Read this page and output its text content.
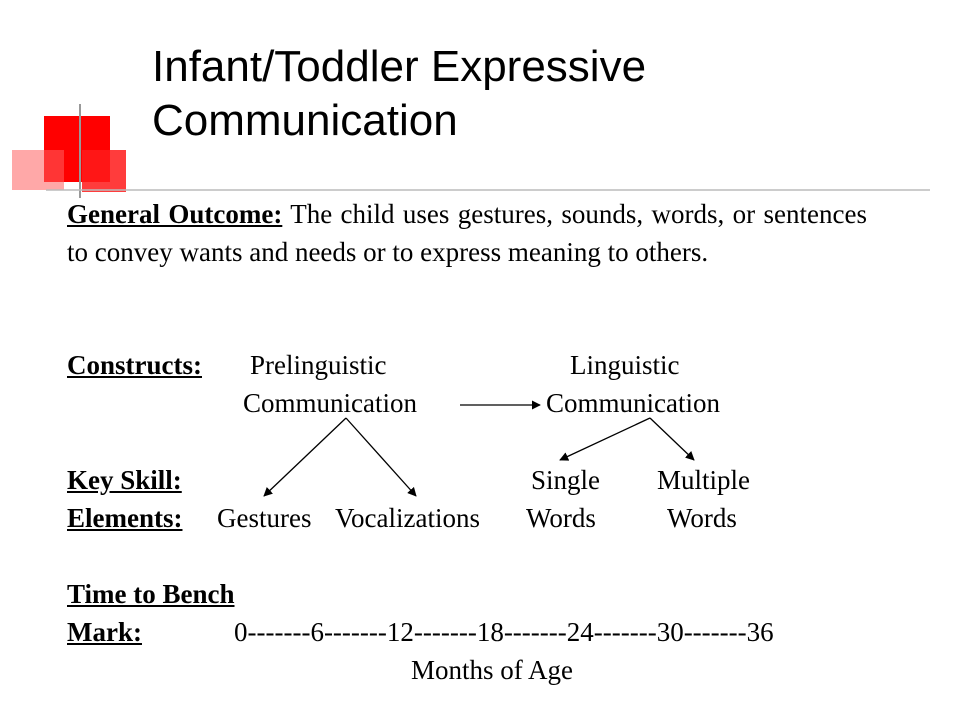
Infant/Toddler Expressive Communication
General Outcome: The child uses gestures, sounds, words, or sentences to convey wants and needs or to express meaning to others.
Constructs: Prelinguistic
Communication
Linguistic
Communication
Key Skill:	Single Multiple
Elements: Gestures Vocalizations Words	Words
Time to Bench
Mark:	0-------6-------12-------18-------24-------30-------36
Months of Age
